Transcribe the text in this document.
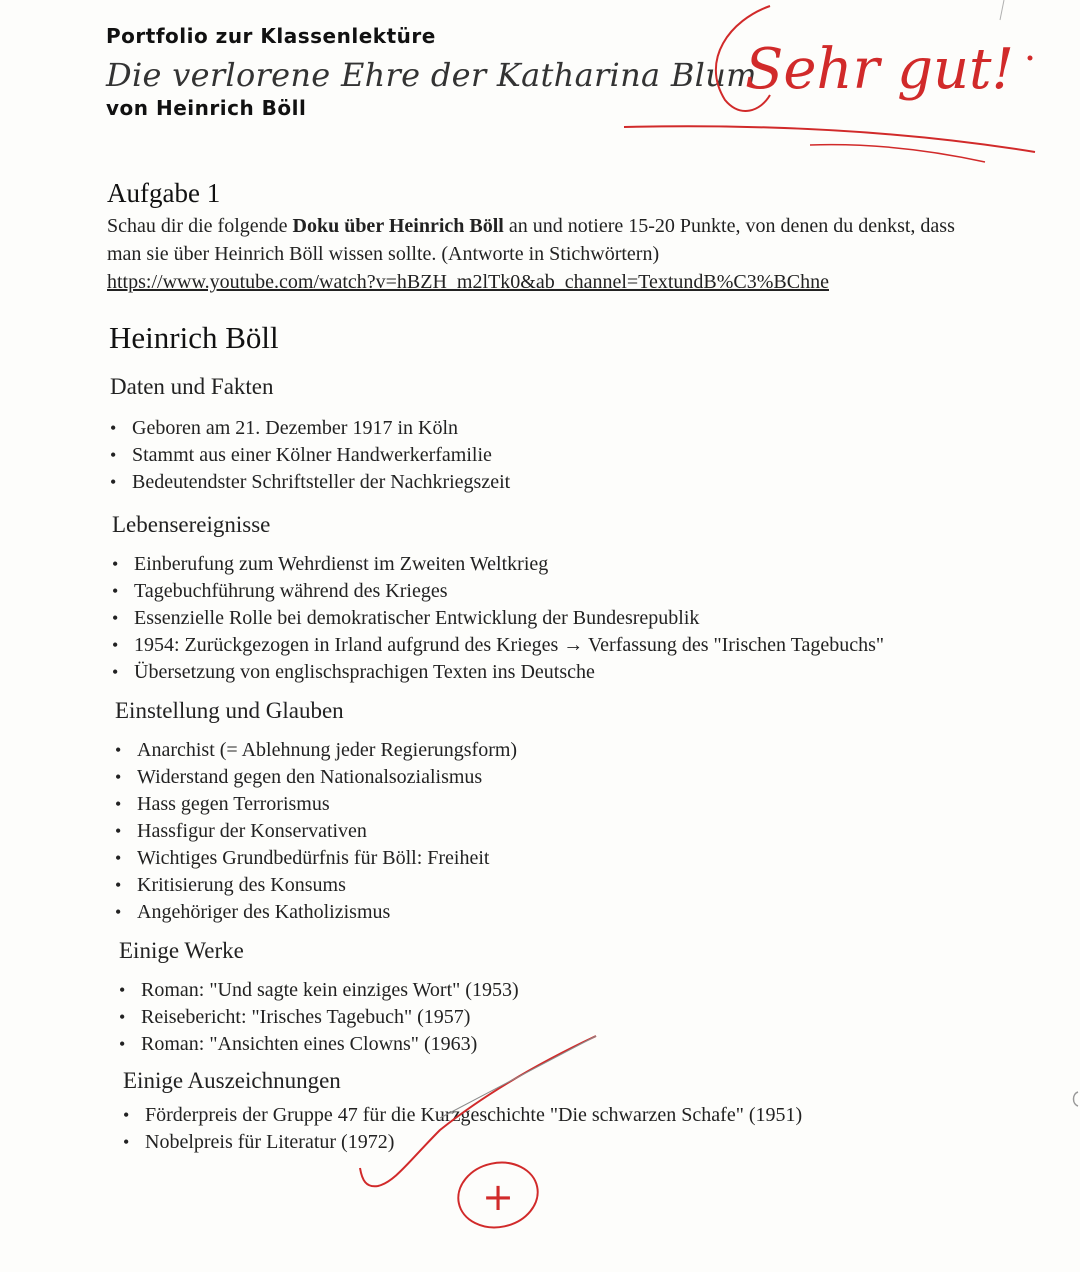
Portfolio zur Klassenlektüre
Die verlorene Ehre der Katharina Blum
von Heinrich Böll
Aufgabe 1
Schau dir die folgende Doku über Heinrich Böll an und notiere 15-20 Punkte, von denen du denkst, dass man sie über Heinrich Böll wissen sollte. (Antworte in Stichwörtern)
https://www.youtube.com/watch?v=hBZH_m2lTk0&ab_channel=TextundB%C3%BChne
Heinrich Böll
Daten und Fakten
• Geboren am 21. Dezember 1917 in Köln
• Stammt aus einer Kölner Handwerkerfamilie
• Bedeutendster Schriftsteller der Nachkriegszeit
Lebensereignisse
• Einberufung zum Wehrdienst im Zweiten Weltkrieg
• Tagebuchführung während des Krieges
• Essenzielle Rolle bei demokratischer Entwicklung der Bundesrepublik
• 1954: Zurückgezogen in Irland aufgrund des Krieges → Verfassung des "Irischen Tagebuchs"
• Übersetzung von englischsprachigen Texten ins Deutsche
Einstellung und Glauben
• Anarchist (= Ablehnung jeder Regierungsform)
• Widerstand gegen den Nationalsozialismus
• Hass gegen Terrorismus
• Hassfigur der Konservativen
• Wichtiges Grundbedürfnis für Böll: Freiheit
• Kritisierung des Konsums
• Angehöriger des Katholizismus
Einige Werke
• Roman: "Und sagte kein einziges Wort" (1953)
• Reisebericht: "Irisches Tagebuch" (1957)
• Roman: "Ansichten eines Clowns" (1963)
Einige Auszeichnungen
• Förderpreis der Gruppe 47 für die Kurzgeschichte "Die schwarzen Schafe" (1951)
• Nobelpreis für Literatur (1972)
Sehr gut!
+
